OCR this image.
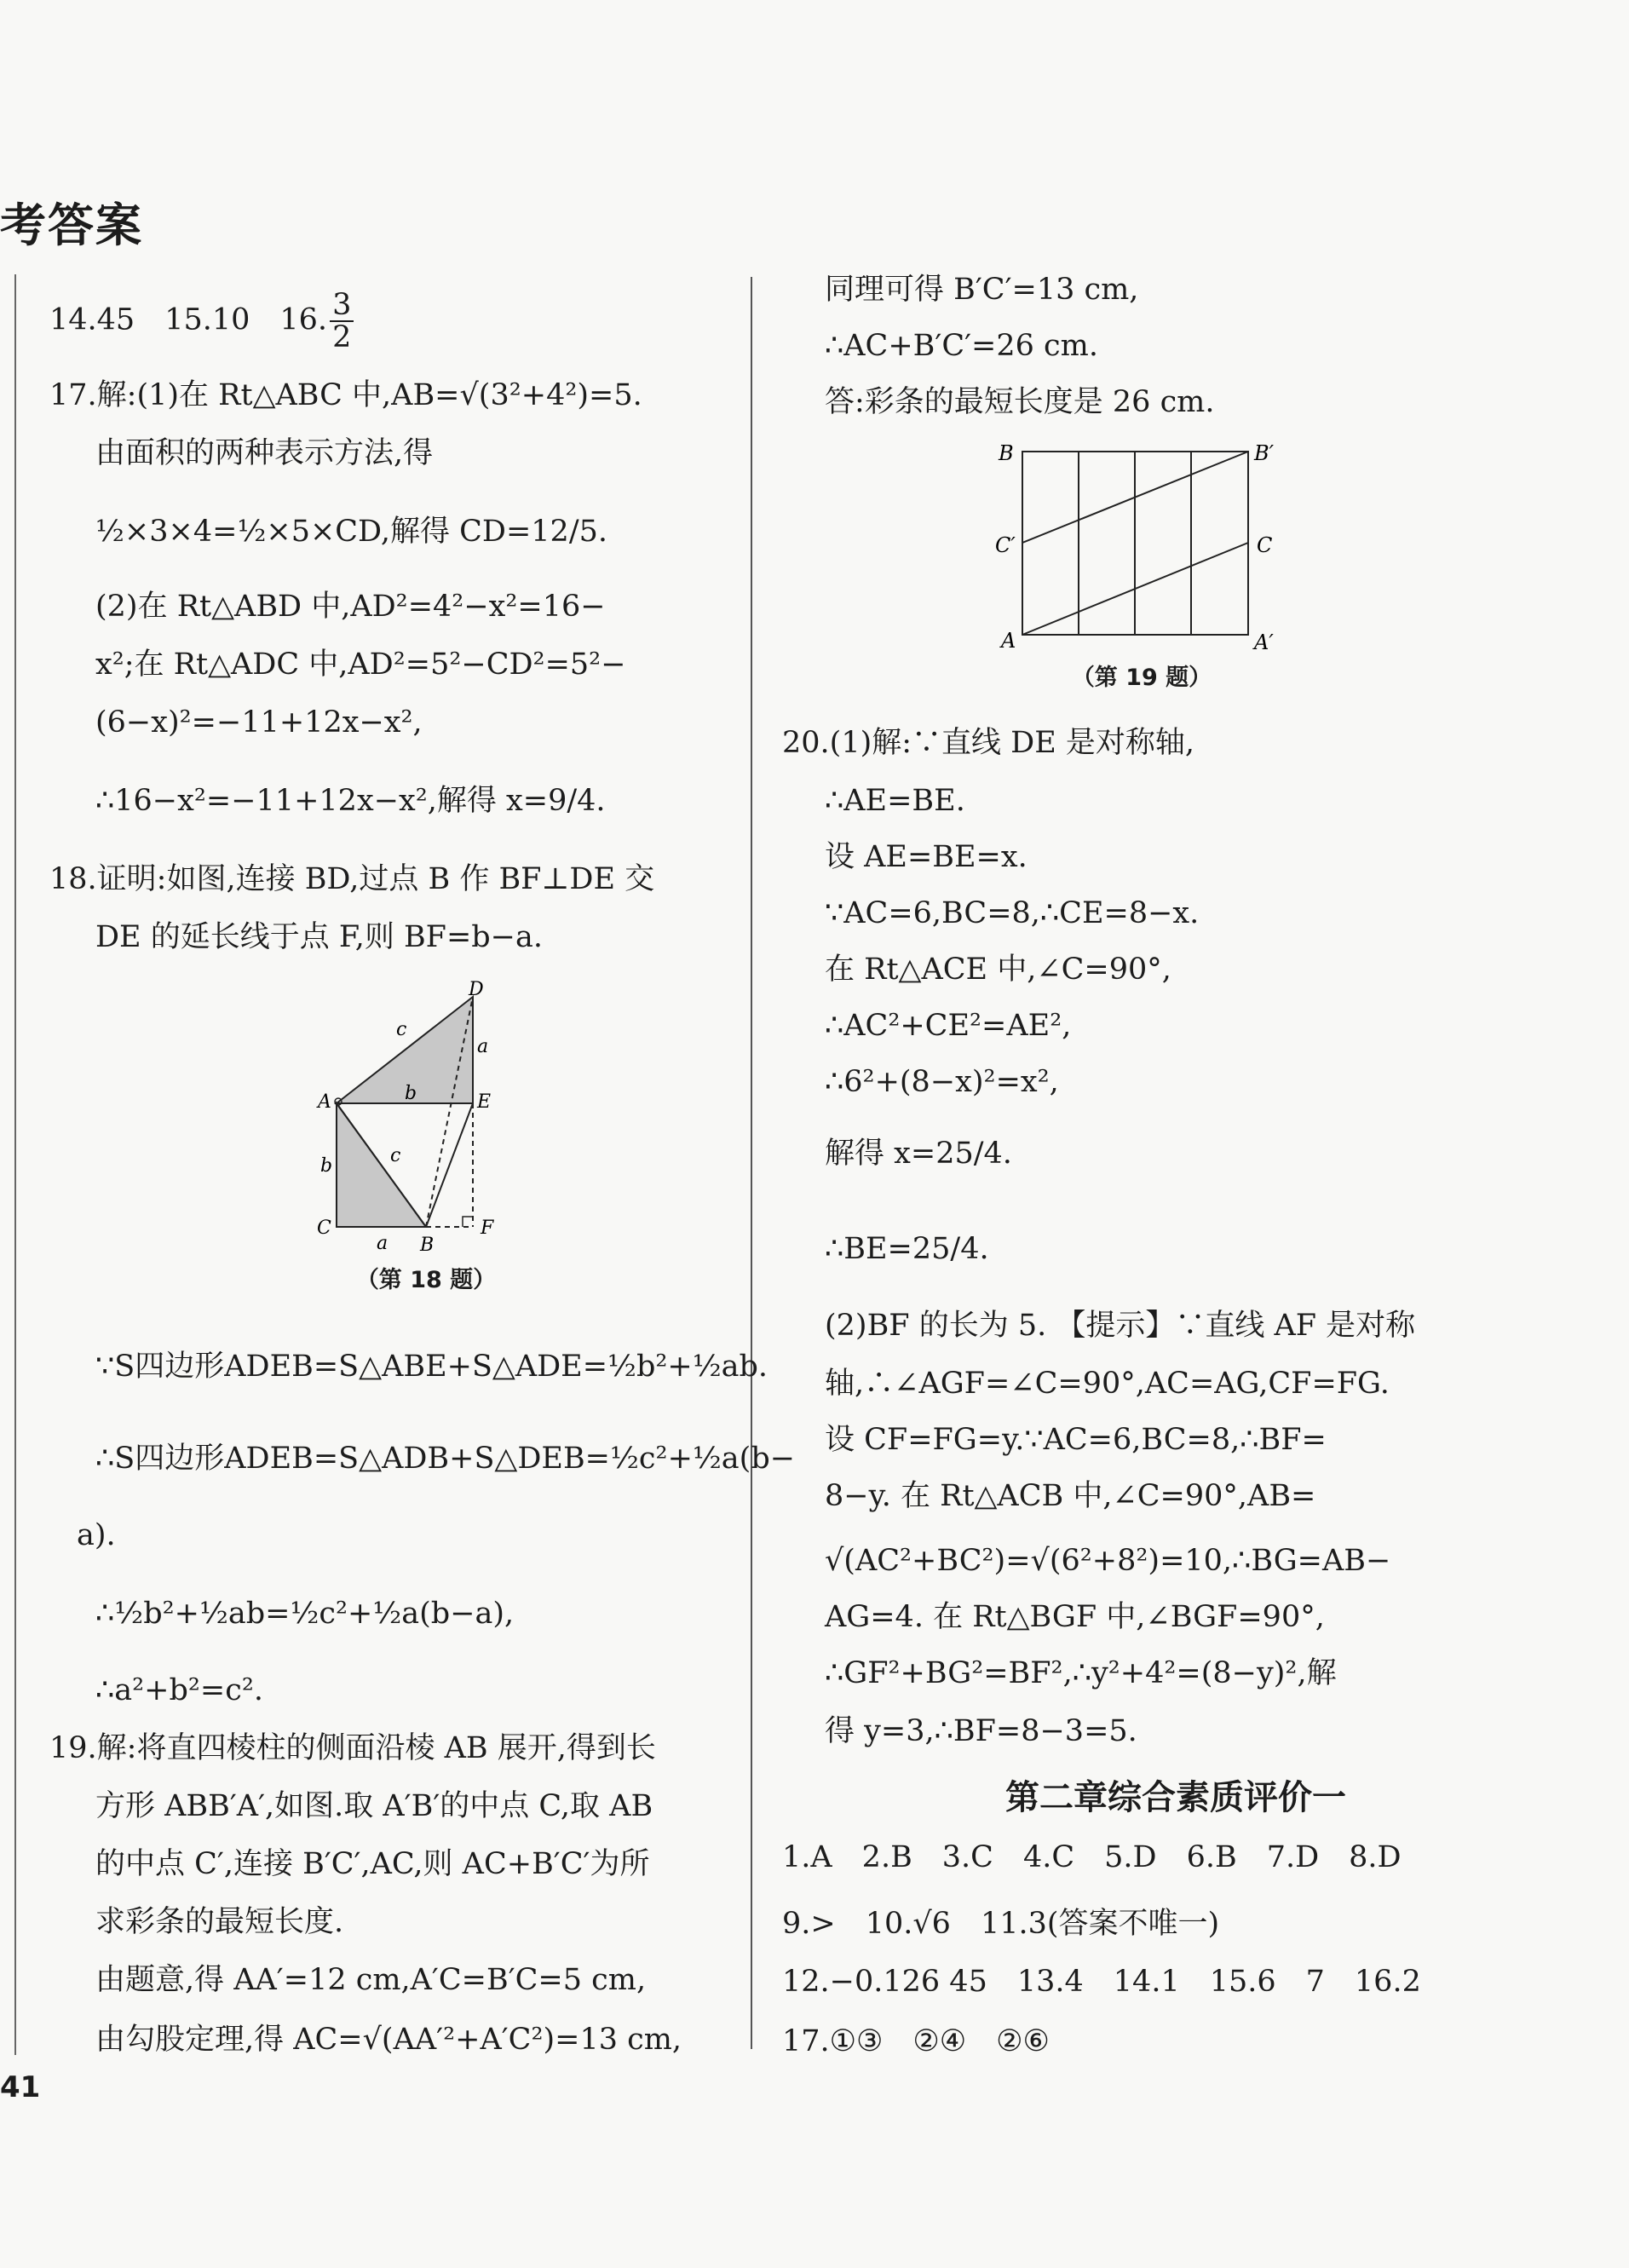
考答案
14.45　15.10　16. $\frac{3}{2}$
17.解:(1)在 Rt△ABC 中,AB=√(3²+4²)=5.
由面积的两种表示方法,得
½×3×4=½×5×CD,解得 CD=12/5.
(2)在 Rt△ABD 中,AD²=4²−x²=16−
x²;在 Rt△ADC 中,AD²=5²−CD²=5²−
(6−x)²=−11+12x−x²,
∴16−x²=−11+12x−x²,解得 x=9/4.
18.证明:如图,连接 BD,过点 B 作 BF⊥DE 交
DE 的延长线于点 F,则 BF=b−a.
D
c
a
A	b	E
b	c
C
a B
F
（第 18 题）
∵S四边形ADEB=S△ABE+S△ADE=½b²+½ab.
∴S四边形ADEB=S△ADB+S△DEB=½c²+½a(b−
a).
∴½b²+½ab=½c²+½a(b−a),
∴a²+b²=c².
19.解:将直四棱柱的侧面沿棱 AB 展开,得到长
方形 ABB′A′,如图.取 A′B′的中点 C,取 AB
的中点 C′,连接 B′C′,AC,则 AC+B′C′为所
求彩条的最短长度.
由题意,得 AA′=12 cm,A′C=B′C=5 cm,
由勾股定理,得 AC=√(AA′²+A′C²)=13 cm,
41
同理可得 B′C′=13 cm,
∴AC+B′C′=26 cm.
答:彩条的最短长度是 26 cm.
B	B′
C′	C
A	A′
（第 19 题）
20.(1)解:∵直线 DE 是对称轴,
∴AE=BE.
设 AE=BE=x.
∵AC=6,BC=8,∴CE=8−x.
在 Rt△ACE 中,∠C=90°,
∴AC²+CE²=AE²,
∴6²+(8−x)²=x²,
解得 x=25/4.
∴BE=25/4.
(2)BF 的长为 5. 【提示】∵直线 AF 是对称
轴,∴∠AGF=∠C=90°,AC=AG,CF=FG.
设 CF=FG=y.∵AC=6,BC=8,∴BF=
8−y. 在 Rt△ACB 中,∠C=90°,AB=
√(AC²+BC²)=√(6²+8²)=10,∴BG=AB−
AG=4. 在 Rt△BGF 中,∠BGF=90°,
∴GF²+BG²=BF²,∴y²+4²=(8−y)²,解
得 y=3,∴BF=8−3=5.
第二章综合素质评价一
1.A　2.B　3.C　4.C　5.D　6.B　7.D　8.D
9.>　10.√6　11.3(答案不唯一)
12.−0.126 45　13.4　14.1　15.6　7　16.2
17.①③　②④　②⑥
